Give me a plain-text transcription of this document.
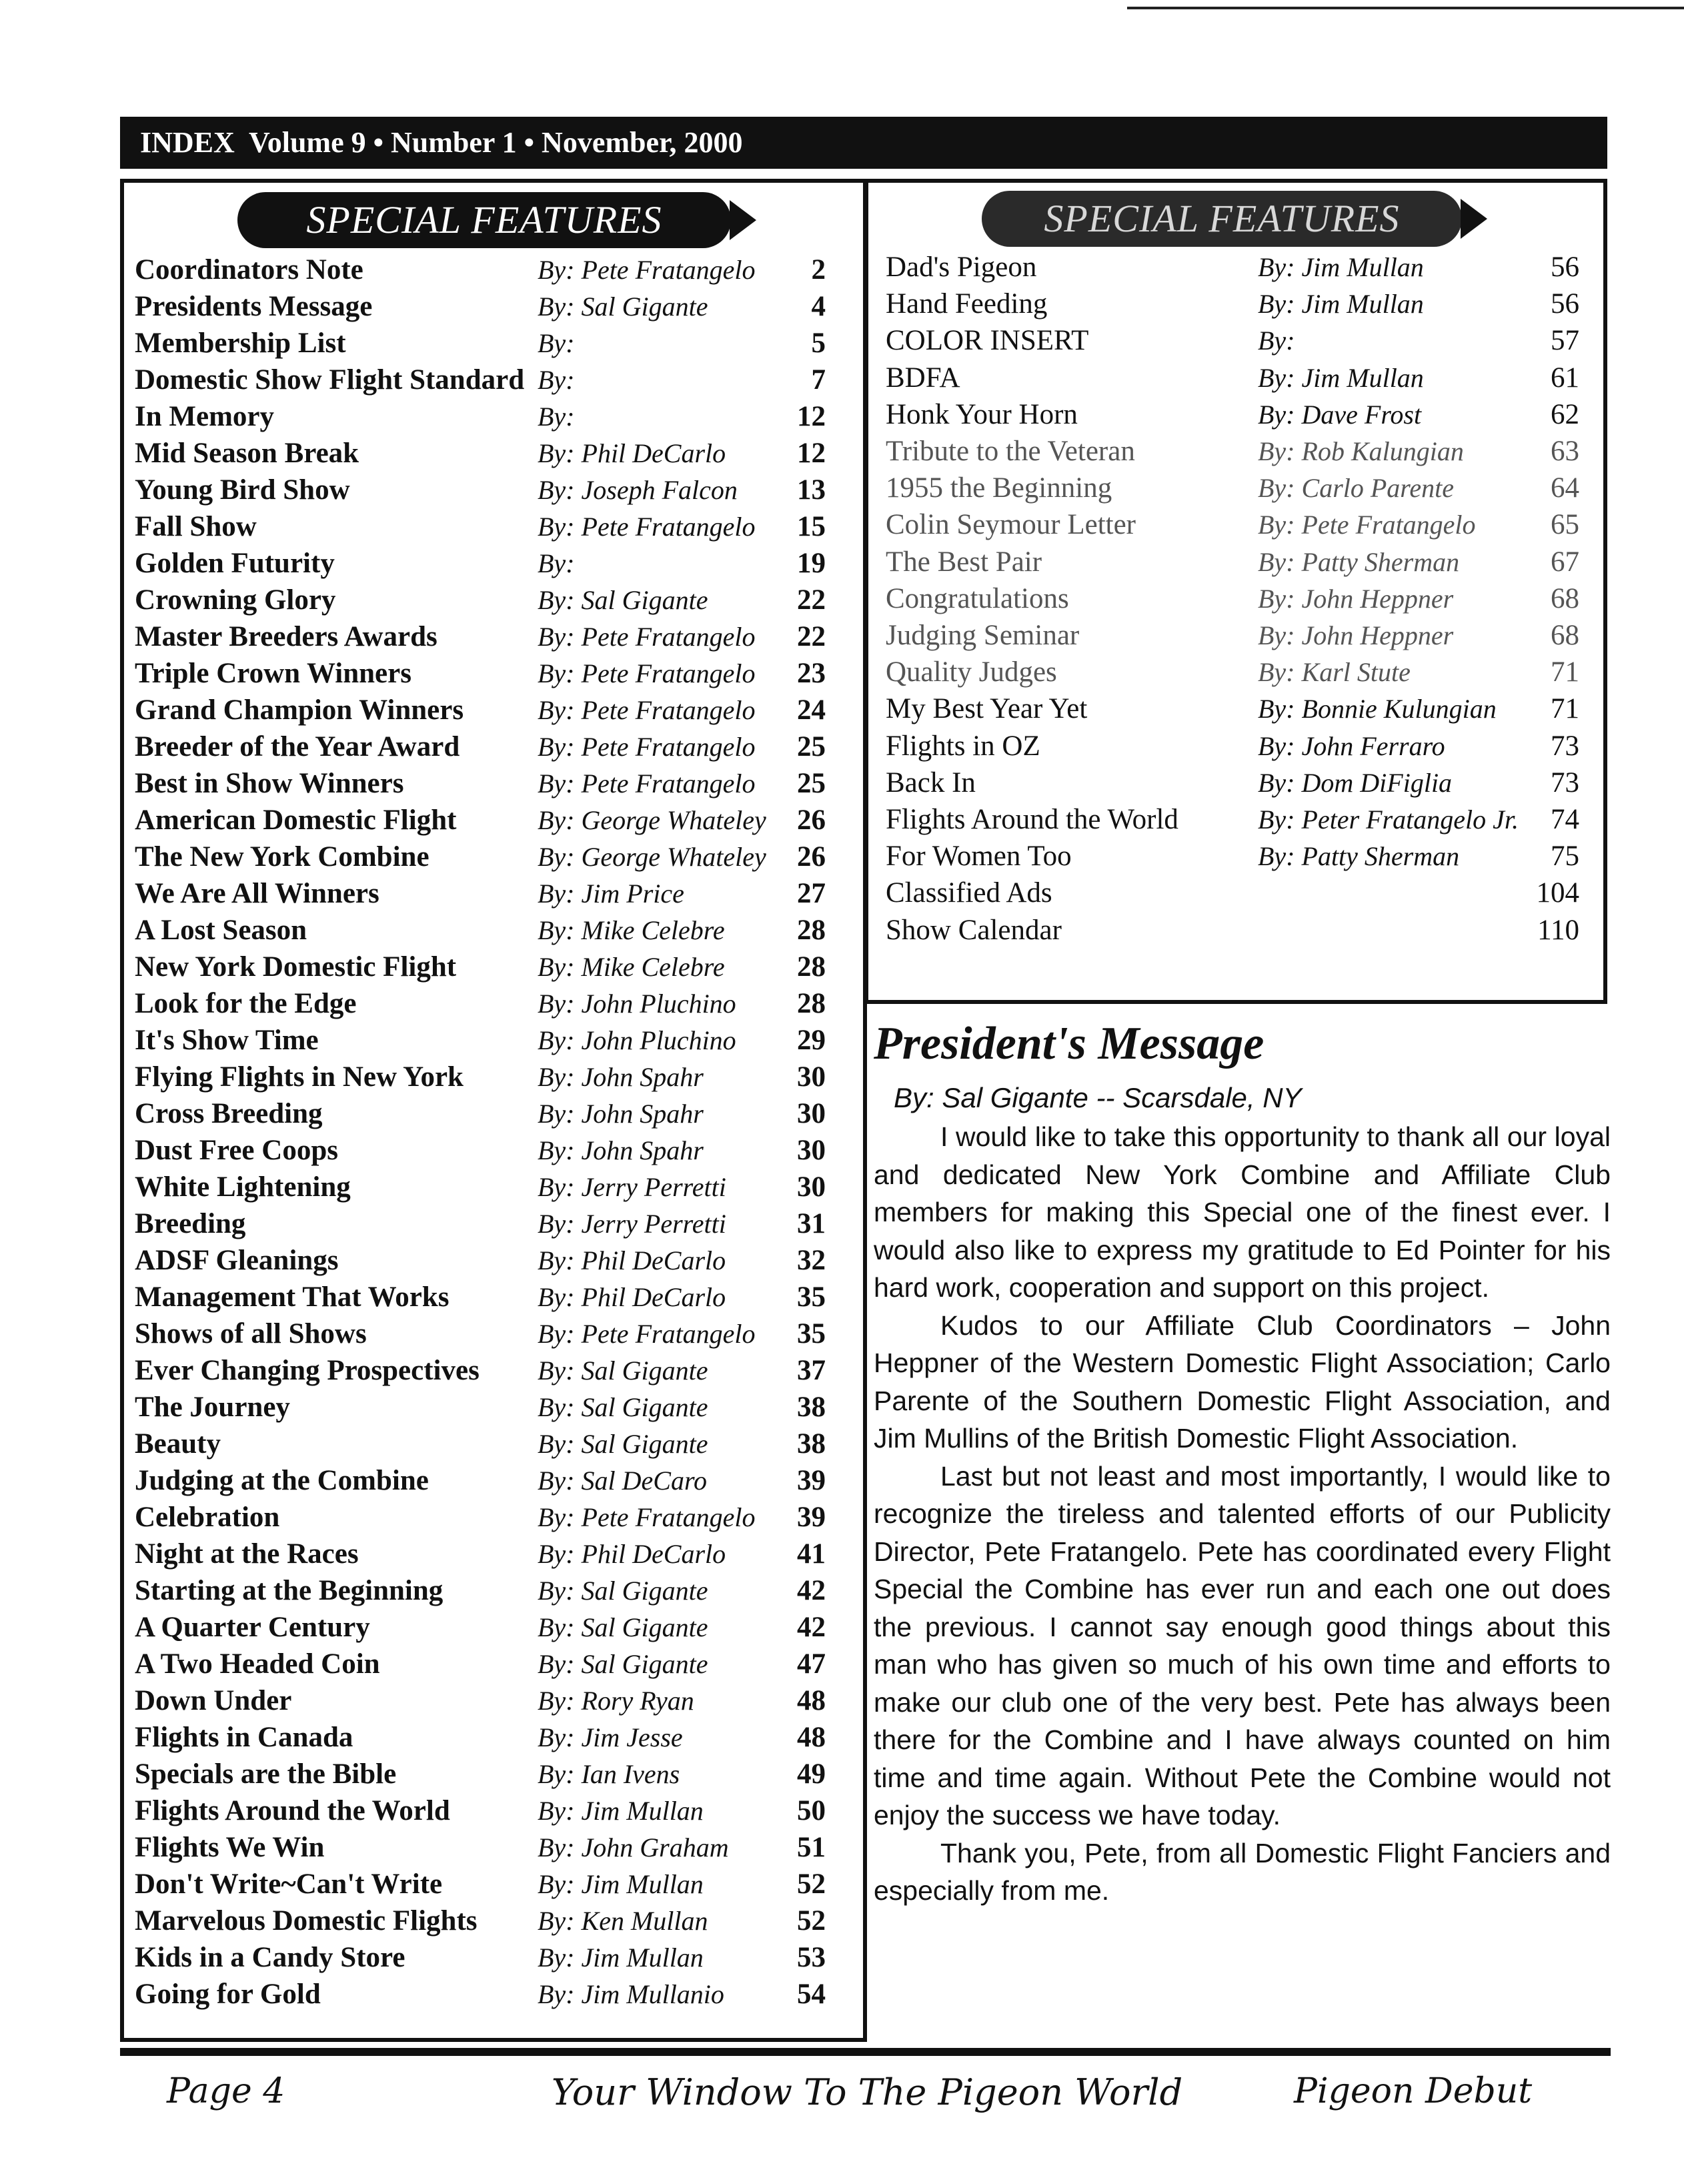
INDEX  Volume 9 • Number 1 • November, 2000
SPECIAL FEATURES
Coordinators Note	By: Pete Fratangelo	2
Presidents Message	By: Sal Gigante	4
Membership List	By:	5
Domestic Show Flight Standard By:	7
In Memory	By:	12
Mid Season Break	By: Phil DeCarlo	12
Young Bird Show	By: Joseph Falcon	13
Fall Show	By: Pete Fratangelo	15
Golden Futurity	By:	19
Crowning Glory	By: Sal Gigante	22
Master Breeders Awards	By: Pete Fratangelo	22
Triple Crown Winners	By: Pete Fratangelo	23
Grand Champion Winners	By: Pete Fratangelo	24
Breeder of the Year Award	By: Pete Fratangelo	25
Best in Show Winners	By: Pete Fratangelo	25
American Domestic Flight	By: George Whateley	26
The New York Combine	By: George Whateley	26
We Are All Winners	By: Jim Price	27
A Lost Season	By: Mike Celebre	28
New York Domestic Flight	By: Mike Celebre	28
Look for the Edge	By: John Pluchino	28
It's Show Time	By: John Pluchino	29
Flying Flights in New York	By: John Spahr	30
Cross Breeding	By: John Spahr	30
Dust Free Coops	By: John Spahr	30
White Lightening	By: Jerry Perretti	30
Breeding	By: Jerry Perretti	31
ADSF Gleanings	By: Phil DeCarlo	32
Management That Works	By: Phil DeCarlo	35
Shows of all Shows	By: Pete Fratangelo	35
Ever Changing Prospectives By: Sal Gigante	37
The Journey	By: Sal Gigante	38
Beauty	By: Sal Gigante	38
Judging at the Combine	By: Sal DeCaro	39
Celebration	By: Pete Fratangelo	39
Night at the Races	By: Phil DeCarlo	41
Starting at the Beginning	By: Sal Gigante	42
A Quarter Century	By: Sal Gigante	42
A Two Headed Coin	By: Sal Gigante	47
Down Under	By: Rory Ryan	48
Flights in Canada	By: Jim Jesse	48
Specials are the Bible	By: Ian Ivens	49
Flights Around the World	By: Jim Mullan	50
Flights We Win	By: John Graham	51
Don't Write~Can't Write	By: Jim Mullan	52
Marvelous Domestic Flights By: Ken Mullan	52
Kids in a Candy Store	By: Jim Mullan	53
Going for Gold	By: Jim Mullanio	54
SPECIAL FEATURES
Dad's Pigeon	By: Jim Mullan	56
Hand Feeding	By: Jim Mullan	56
COLOR INSERT	By:	57
BDFA	By: Jim Mullan	61
Honk Your Horn	By: Dave Frost	62
Tribute to the Veteran	By: Rob Kalungian	63
1955 the Beginning	By: Carlo Parente	64
Colin Seymour Letter	By: Pete Fratangelo	65
The Best Pair	By: Patty Sherman	67
Congratulations	By: John Heppner	68
Judging Seminar	By: John Heppner	68
Quality Judges	By: Karl Stute	71
My Best Year Yet	By: Bonnie Kulungian	71
Flights in OZ	By: John Ferraro	73
Back In	By: Dom DiFiglia	73
Flights Around the World	By: Peter Fratangelo Jr.	74
For Women Too	By: Patty Sherman	75
Classified Ads	104
Show Calendar	110
President's Message
By: Sal Gigante -- Scarsdale, NY

I would like to take this opportunity to thank all our loyal and dedicated New York Combine and Affiliate Club members for making this Special one of the finest ever. I would also like to express my gratitude to Ed Pointer for his hard work, cooperation and support on this project.

Kudos to our Affiliate Club Coordinators – John Heppner of the Western Domestic Flight Association; Carlo Parente of the Southern Domestic Flight Association, and Jim Mullins of the British Domestic Flight Association.

Last but not least and most importantly, I would like to recognize the tireless and talented efforts of our Publicity Director, Pete Fratangelo. Pete has coordinated every Flight Special the Combine has ever run and each one out does the previous. I cannot say enough good things about this man who has given so much of his own time and efforts to make our club one of the very best. Pete has always been there for the Combine and I have always counted on him time and time again. Without Pete the Combine would not enjoy the success we have today.

Thank you, Pete, from all Domestic Flight Fanciers and especially from me.

Page 4	Your Window To The Pigeon World	Pigeon Debut
